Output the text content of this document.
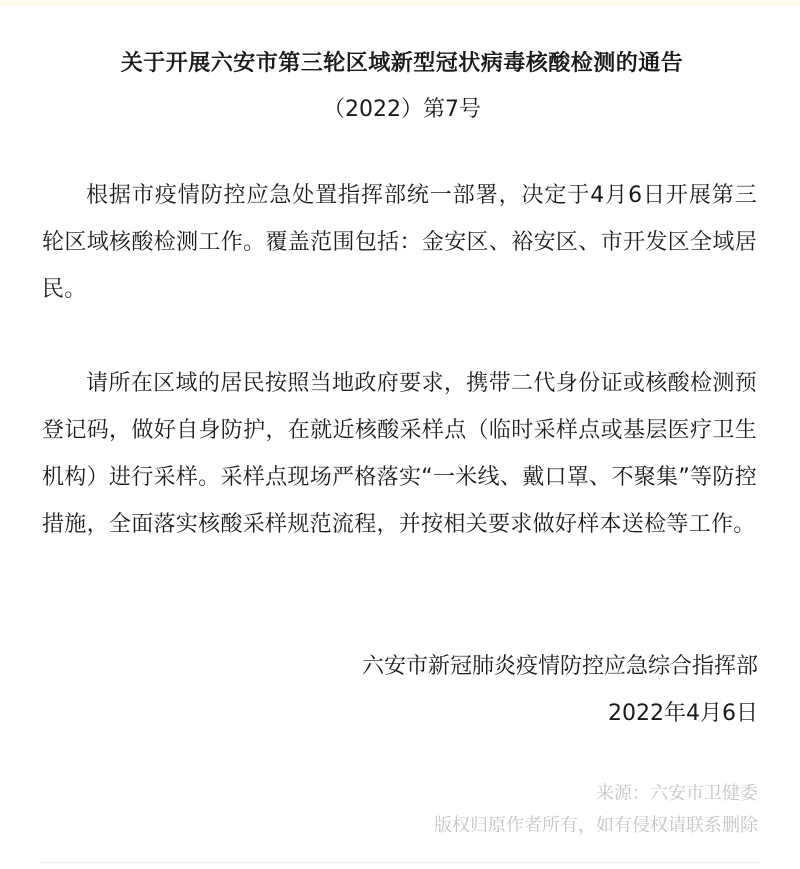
关于开展六安市第三轮区域新型冠状病毒核酸检测的通告
（2022）第7号

根据市疫情防控应急处置指挥部统一部署，决定于4月6日开展第三轮区域核酸检测工作。覆盖范围包括：金安区、裕安区、市开发区全域居民。

请所在区域的居民按照当地政府要求，携带二代身份证或核酸检测预登记码，做好自身防护，在就近核酸采样点（临时采样点或基层医疗卫生机构）进行采样。采样点现场严格落实“一米线、戴口罩、不聚集”等防控措施，全面落实核酸采样规范流程，并按相关要求做好样本送检等工作。

六安市新冠肺炎疫情防控应急综合指挥部
2022年4月6日
来源：六安市卫健委
版权归原作者所有，如有侵权请联系删除
